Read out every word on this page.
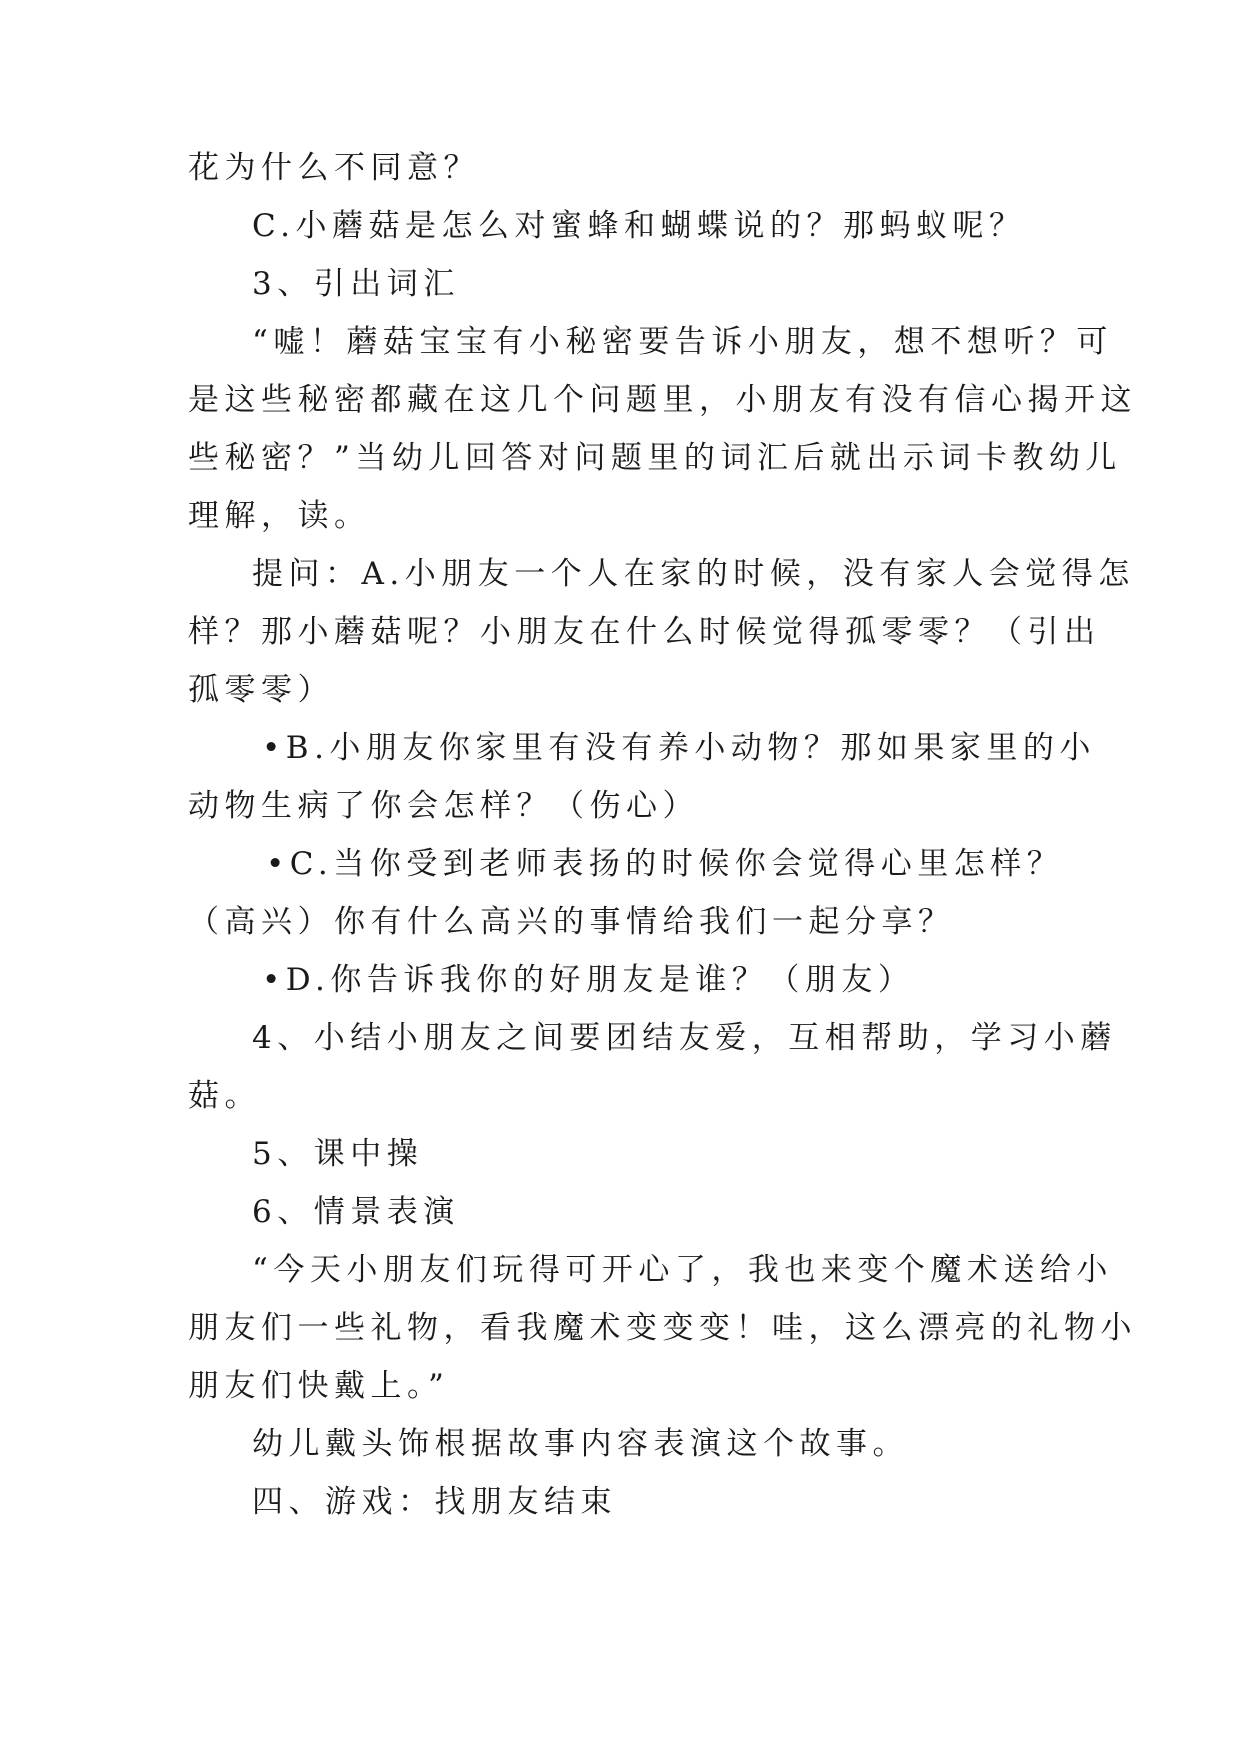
花为什么不同意？
C.小蘑菇是怎么对蜜蜂和蝴蝶说的？那蚂蚁呢？
3、引出词汇
“嘘！蘑菇宝宝有小秘密要告诉小朋友，想不想听？可
是这些秘密都藏在这几个问题里，小朋友有没有信心揭开这
些秘密？”当幼儿回答对问题里的词汇后就出示词卡教幼儿
理解，读。
提问：A.小朋友一个人在家的时候，没有家人会觉得怎
样？那小蘑菇呢？小朋友在什么时候觉得孤零零？（引出
孤零零）
•B.小朋友你家里有没有养小动物？那如果家里的小
动物生病了你会怎样？（伤心）
•C.当你受到老师表扬的时候你会觉得心里怎样？
（高兴）你有什么高兴的事情给我们一起分享？
•D.你告诉我你的好朋友是谁？（朋友）
4、小结小朋友之间要团结友爱，互相帮助，学习小蘑
菇。
5、课中操
6、情景表演
“今天小朋友们玩得可开心了，我也来变个魔术送给小
朋友们一些礼物，看我魔术变变变！哇，这么漂亮的礼物小
朋友们快戴上。”
幼儿戴头饰根据故事内容表演这个故事。
四、游戏：找朋友结束
